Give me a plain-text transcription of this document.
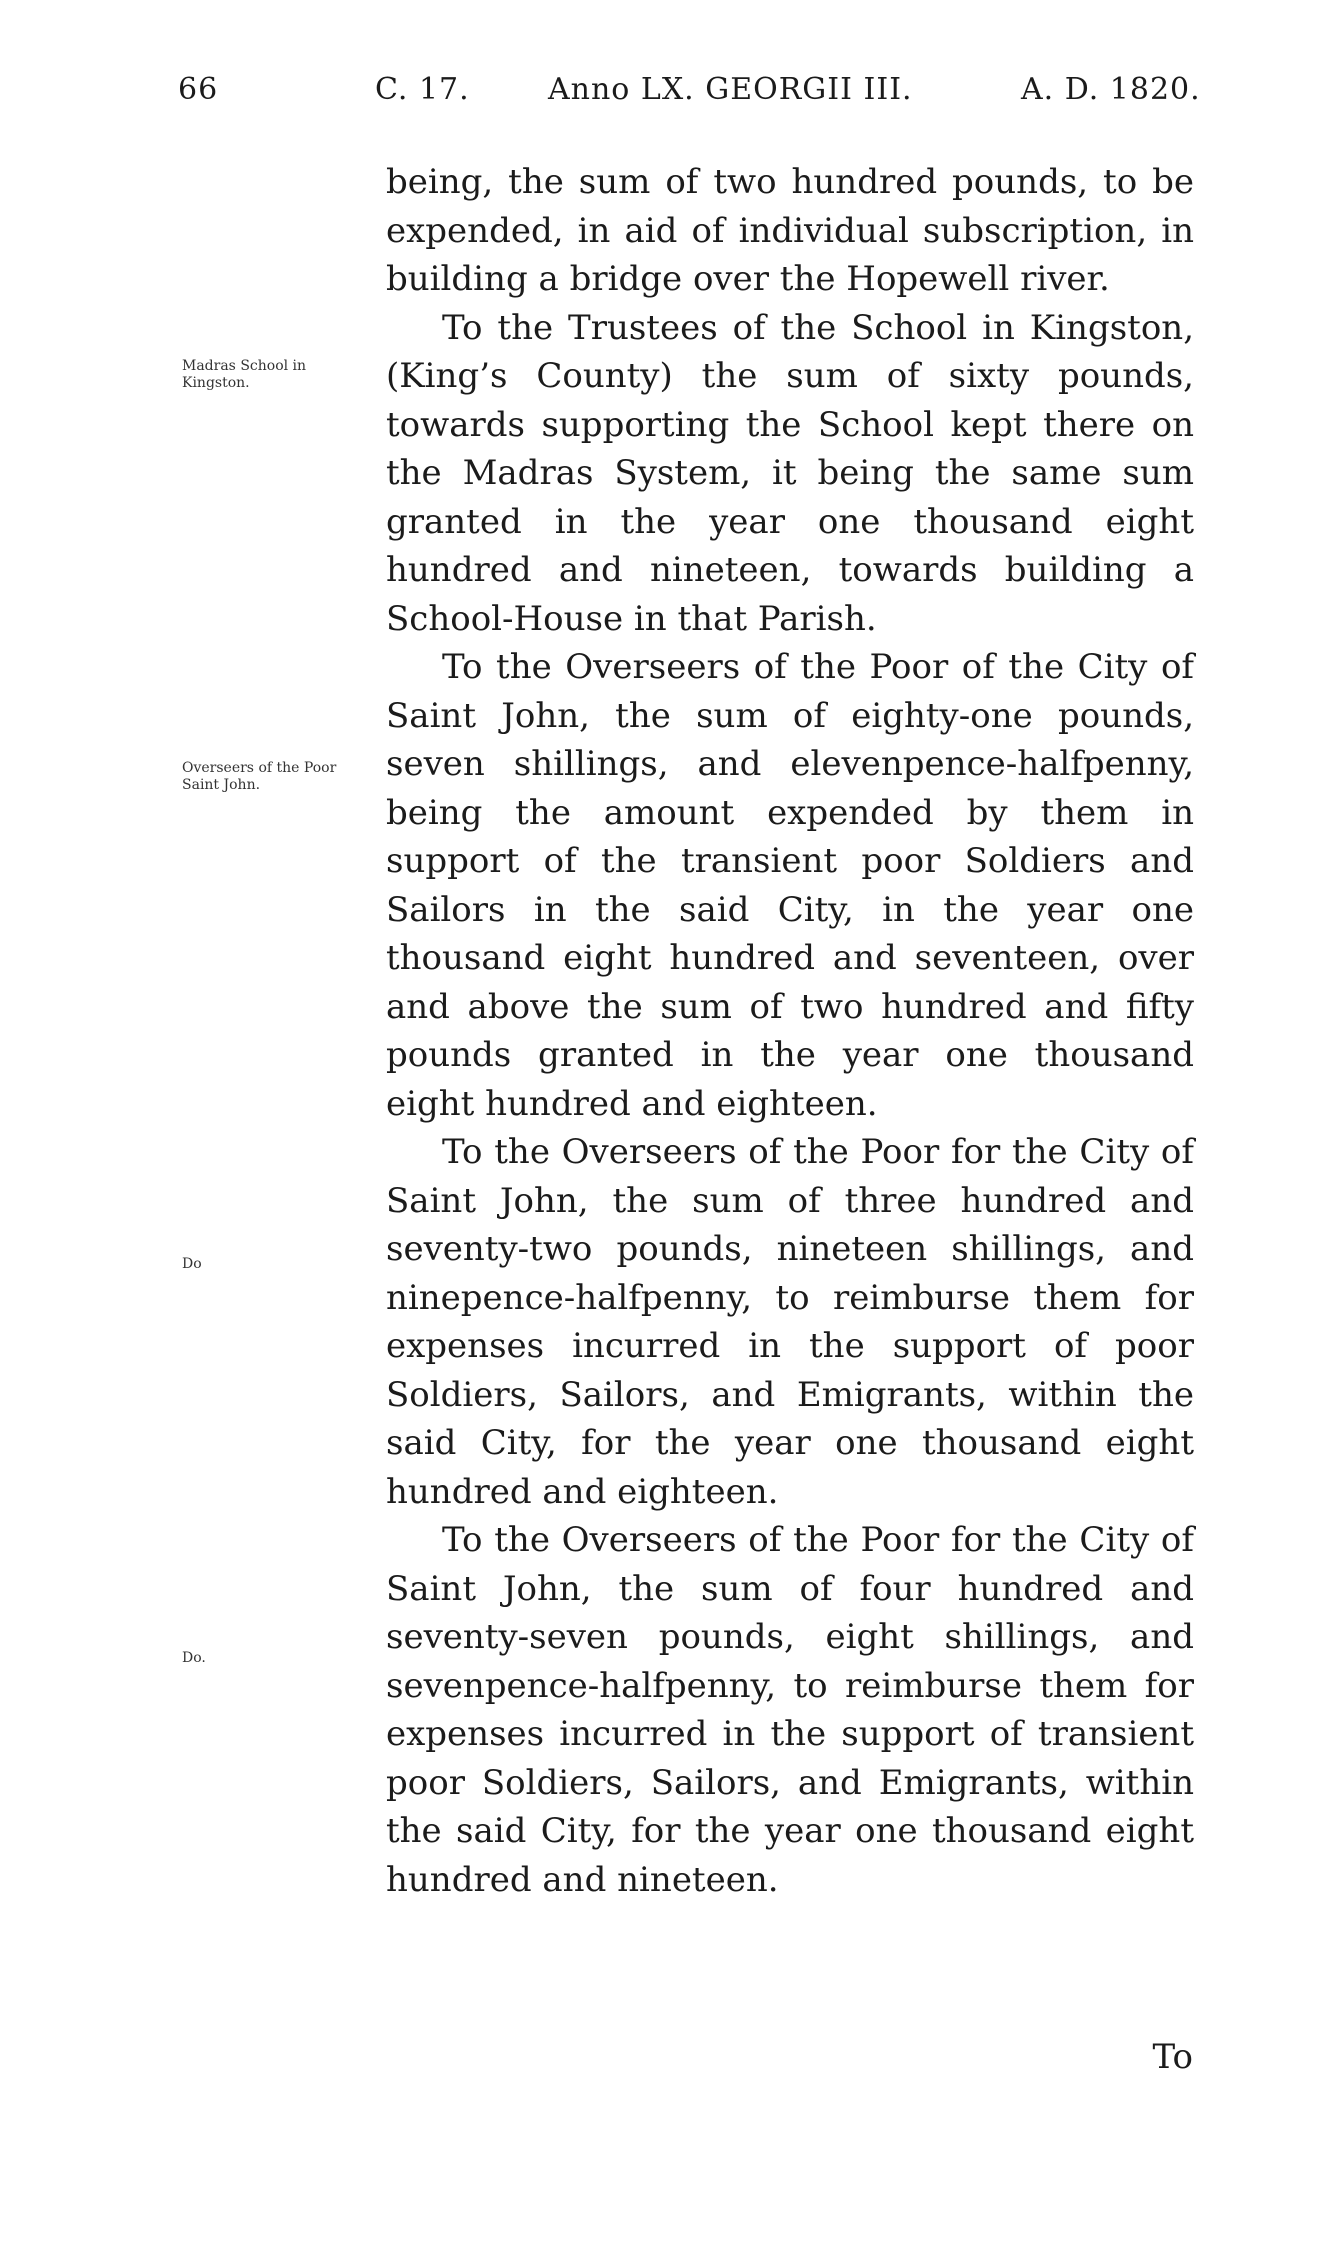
66	C. 17.	Anno LX. GEORGII III.	A. D. 1820.
Madras School in Kingston.
Overseers of the Poor Saint John.
Do
Do.

being, the sum of two hundred pounds, to be expended, in aid of individual subscription, in building a bridge over the Hopewell river.

To the Trustees of the School in Kingston, (King’s County) the sum of sixty pounds, towards supporting the School kept there on the Madras System, it being the same sum granted in the year one thousand eight hundred and nineteen, towards building a School-House in that Parish.

To the Overseers of the Poor of the City of Saint John, the sum of eighty-one pounds, seven shillings, and elevenpence-halfpenny, being the amount expended by them in support of the transient poor Soldiers and Sailors in the said City, in the year one thousand eight hundred and seventeen, over and above the sum of two hundred and fifty pounds granted in the year one thousand eight hundred and eighteen.

To the Overseers of the Poor for the City of Saint John, the sum of three hundred and seventy-two pounds, nineteen shillings, and ninepence-halfpenny, to reimburse them for expenses incurred in the support of poor Soldiers, Sailors, and Emigrants, within the said City, for the year one thousand eight hundred and eighteen.

To the Overseers of the Poor for the City of Saint John, the sum of four hundred and seventy-seven pounds, eight shillings, and sevenpence-halfpenny, to reimburse them for expenses incurred in the support of transient poor Soldiers, Sailors, and Emigrants, within the said City, for the year one thousand eight hundred and nineteen.

To
